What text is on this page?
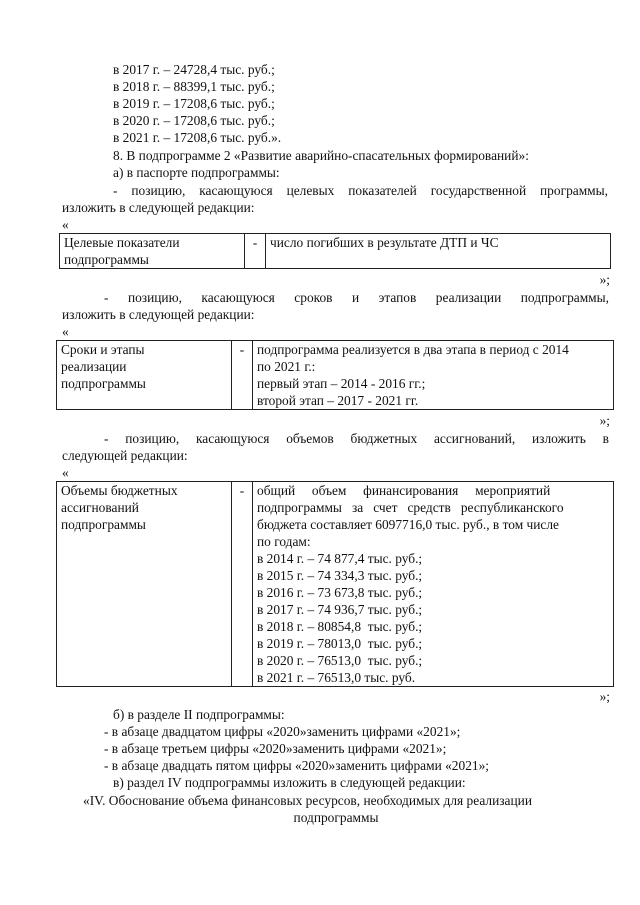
в 2017 г. – 24728,4 тыс. руб.;
в 2018 г. – 88399,1 тыс. руб.;
в 2019 г. – 17208,6 тыс. руб.;
в 2020 г. – 17208,6 тыс. руб.;
в 2021 г. – 17208,6 тыс. руб.».
8. В подпрограмме 2 «Развитие аварийно-спасательных формирований»:
а) в паспорте подпрограммы:
- позицию, касающуюся целевых показателей государственной программы,
изложить в следующей редакции:
«
Целевые показатели
подпрограммы
	-	число погибших в результате ДТП и ЧС
»;
- позицию, касающуюся сроков и этапов реализации подпрограммы,
изложить в следующей редакции:
«
Сроки и этапы
реализации
подпрограммы
	-	подпрограмма реализуется в два этапа в период с 2014
по 2021 г.:
первый этап – 2014 - 2016 гг.;
второй этап – 2017 - 2021 гг.
»;
- позицию, касающуюся объемов бюджетных ассигнований, изложить в
следующей редакции:
«
Объемы бюджетных
ассигнований
подпрограммы
	-	общий     объем     финансирования     мероприятий
подпрограммы   за   счет   средств   республиканского
бюджета составляет 6097716,0 тыс. руб., в том числе
по годам:
в 2014 г. – 74 877,4 тыс. руб.;
в 2015 г. – 74 334,3 тыс. руб.;
в 2016 г. – 73 673,8 тыс. руб.;
в 2017 г. – 74 936,7 тыс. руб.;
в 2018 г. – 80854,8  тыс. руб.;
в 2019 г. – 78013,0  тыс. руб.;
в 2020 г. – 76513,0  тыс. руб.;
в 2021 г. – 76513,0 тыс. руб.
»;
б) в разделе II подпрограммы:
- в абзаце двадцатом цифры «2020»заменить цифрами «2021»;
- в абзаце третьем цифры «2020»заменить цифрами «2021»;
- в абзаце двадцать пятом цифры «2020»заменить цифрами «2021»;
в) раздел IV подпрограммы изложить в следующей редакции:
«IV. Обоснование объема финансовых ресурсов, необходимых для реализации
подпрограммы
